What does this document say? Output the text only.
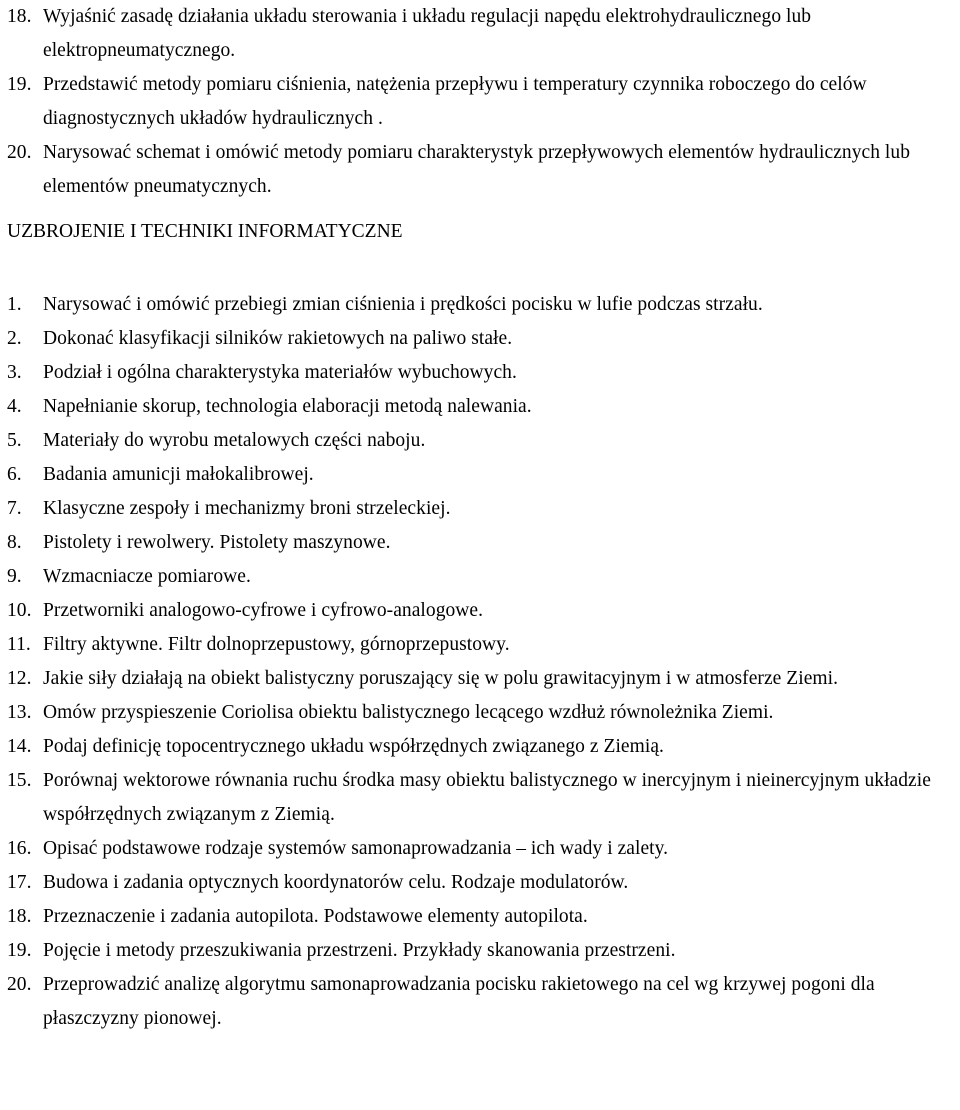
18. Wyjaśnić zasadę działania układu sterowania i układu regulacji napędu elektrohydraulicznego lub elektropneumatycznego.
19. Przedstawić metody pomiaru ciśnienia, natężenia przepływu i temperatury czynnika roboczego do celów diagnostycznych układów hydraulicznych .
20. Narysować schemat i omówić metody pomiaru charakterystyk przepływowych elementów hydraulicznych lub elementów pneumatycznych.
UZBROJENIE I TECHNIKI INFORMATYCZNE
1. Narysować i omówić przebiegi zmian ciśnienia i prędkości pocisku w lufie podczas strzału.
2. Dokonać klasyfikacji silników rakietowych na paliwo stałe.
3. Podział i ogólna charakterystyka materiałów wybuchowych.
4. Napełnianie skorup, technologia elaboracji metodą nalewania.
5. Materiały do wyrobu metalowych części naboju.
6. Badania amunicji małokalibrowej.
7. Klasyczne zespoły i mechanizmy broni strzeleckiej.
8. Pistolety i rewolwery. Pistolety maszynowe.
9. Wzmacniacze pomiarowe.
10. Przetworniki analogowo-cyfrowe i cyfrowo-analogowe.
11. Filtry aktywne. Filtr dolnoprzepustowy, górnoprzepustowy.
12. Jakie siły działają na obiekt balistyczny poruszający się w polu grawitacyjnym i w atmosferze Ziemi.
13. Omów przyspieszenie Coriolisa obiektu balistycznego lecącego wzdłuż równoleżnika Ziemi.
14. Podaj definicję topocentrycznego układu współrzędnych związanego z Ziemią.
15. Porównaj wektorowe równania ruchu środka masy obiektu balistycznego w inercyjnym i nieinercyjnym układzie współrzędnych związanym z Ziemią.
16. Opisać podstawowe rodzaje systemów samonaprowadzania – ich wady i zalety.
17. Budowa i zadania optycznych koordynatorów celu. Rodzaje modulatorów.
18. Przeznaczenie i zadania autopilota. Podstawowe elementy autopilota.
19. Pojęcie i metody przeszukiwania przestrzeni. Przykłady skanowania przestrzeni.
20. Przeprowadzić analizę algorytmu samonaprowadzania pocisku rakietowego na cel wg krzywej pogoni dla płaszczyzny pionowej.
